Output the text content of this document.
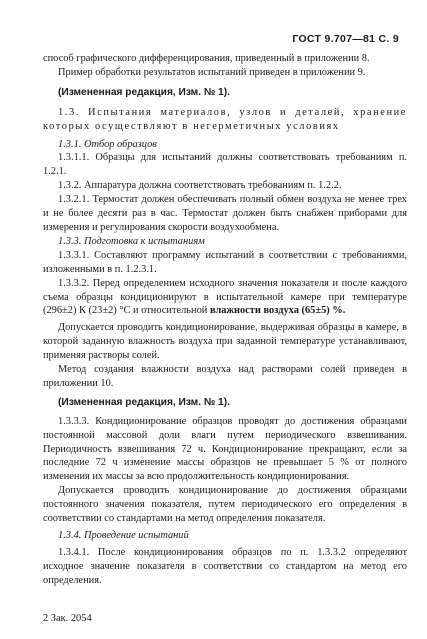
ГОСТ 9.707—81 С. 9

способ графического дифференцирования, приведенный в приложении 8.

Пример обработки результатов испытаний приведен в приложении 9.

(Измененная редакция, Изм. № 1).

1.3. Испытания материалов, узлов и деталей, хранение которых осуществляют в негерметичных условиях

1.3.1. Отбор образцов

1.3.1.1. Образцы для испытаний должны соответствовать требованиям п. 1.2.1.

1.3.2. Аппаратура должна соответствовать требованиям п. 1.2.2.

1.3.2.1. Термостат должен обеспечивать полный обмен воздуха не менее трех и не более десяти раз в час. Термостат должен быть снабжен приборами для измерения и регулирования скорости воздухообмена.

1.3.3. Подготовка к испытаниям

1.3.3.1. Составляют программу испытаний в соответствии с требованиями, изложенными в п. 1.2.3.1.

1.3.3.2. Перед определением исходного значения показателя и после каждого съема образцы кондиционируют в испытательной камере при температуре (296±2) К (23±2) °С и относительной влажности воздуха (65±5) %.

Допускается проводить кондиционирование, выдерживая образцы в камере, в которой заданную влажность воздуха при заданной температуре устанавливают, применяя растворы солей.

Метод создания влажности воздуха над растворами солей приведен в приложении 10.

(Измененная редакция, Изм. № 1).

1.3.3.3. Кондиционирование образцов проводят до достижения образцами постоянной массовой доли влаги путем периодического взвешивания. Периодичность взвешивания 72 ч. Кондиционирование прекращают, если за последние 72 ч изменение массы образцов не превышает 5 % от полного изменения их массы за всю продолжительность кондиционирования.

Допускается проводить кондиционирование до достижения образцами постоянного значения показателя, путем периодического его определения в соответствии со стандартами на метод определения показателя.

1.3.4. Проведение испытаний

1.3.4.1. После кондиционирования образцов по п. 1.3.3.2 определяют исходное значение показателя в соответствии со стандартом на метод его определения.

2 Зак. 2054
